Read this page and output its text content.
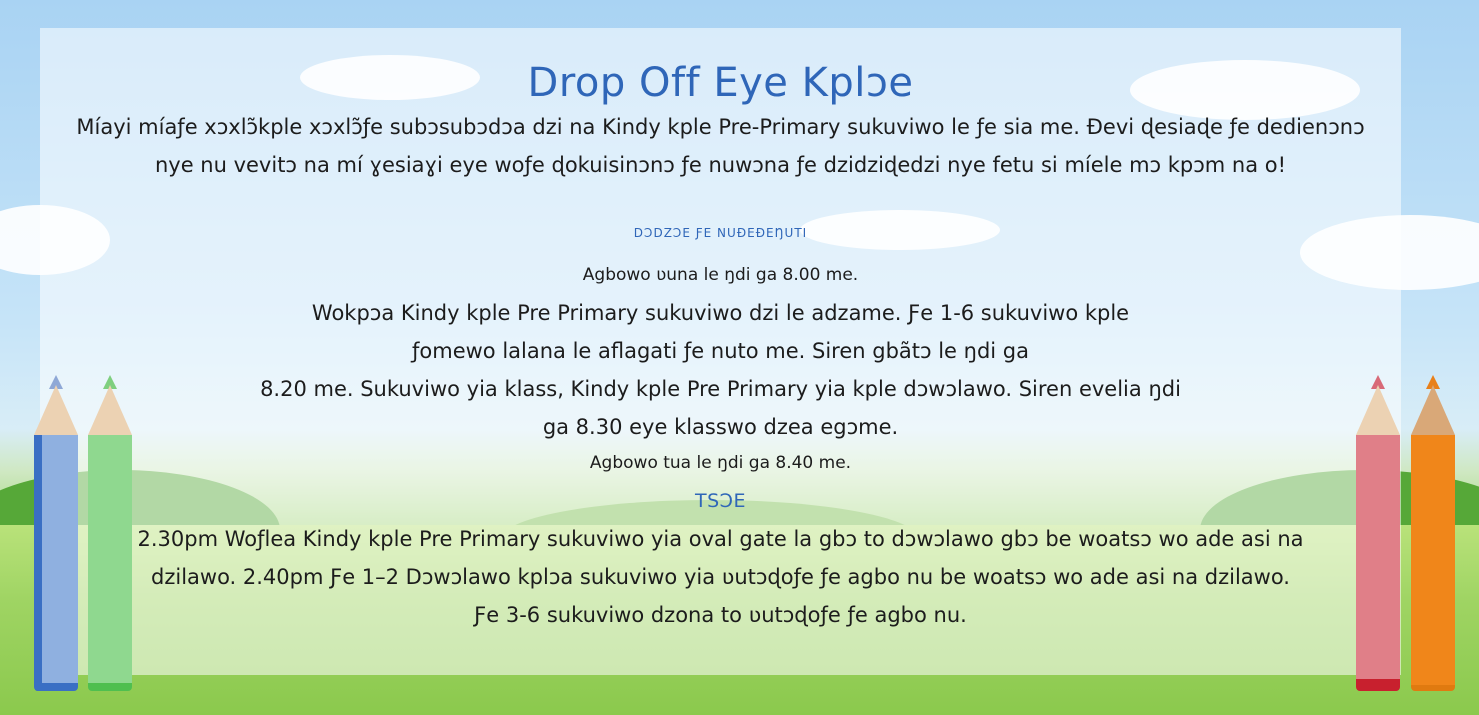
Drop Off Eye Kplɔe
Míayi míaƒe xɔxlɔ̃kple xɔxlɔ̃ƒe subɔsubɔdɔa dzi na Kindy kple Pre-Primary sukuviwo le ƒe sia me. Ðevi ɖesiaɖe ƒe dedienɔnɔ
nye nu vevitɔ na mí ɣesiaɣi eye woƒe ɖokuisinɔnɔ ƒe nuwɔna ƒe dzidziɖedzi nye fetu si míele mɔ kpɔm na o!
DƆDZƆE ƑE NUÐEÐEŊUTI
Agbowo ʋuna le ŋdi ga 8.00 me.
Wokpɔa Kindy kple Pre Primary sukuviwo dzi le adzame. Ƒe 1-6 sukuviwo kple
ƒomewo lalana le aflagati ƒe nuto me. Siren gbãtɔ le ŋdi ga
8.20 me. Sukuviwo yia klass, Kindy kple Pre Primary yia kple dɔwɔlawo. Siren evelia ŋdi
ga 8.30 eye klasswo dzea egɔme.
Agbowo tua le ŋdi ga 8.40 me.
TSƆE
2.30pm Woƒlea Kindy kple Pre Primary sukuviwo yia oval gate la gbɔ to dɔwɔlawo gbɔ be woatsɔ wo ade asi na
dzilawo. 2.40pm Ƒe 1–2 Dɔwɔlawo kplɔa sukuviwo yia ʋutɔɖoƒe ƒe agbo nu be woatsɔ wo ade asi na dzilawo.
Ƒe 3-6 sukuviwo dzona to ʋutɔɖoƒe ƒe agbo nu.
